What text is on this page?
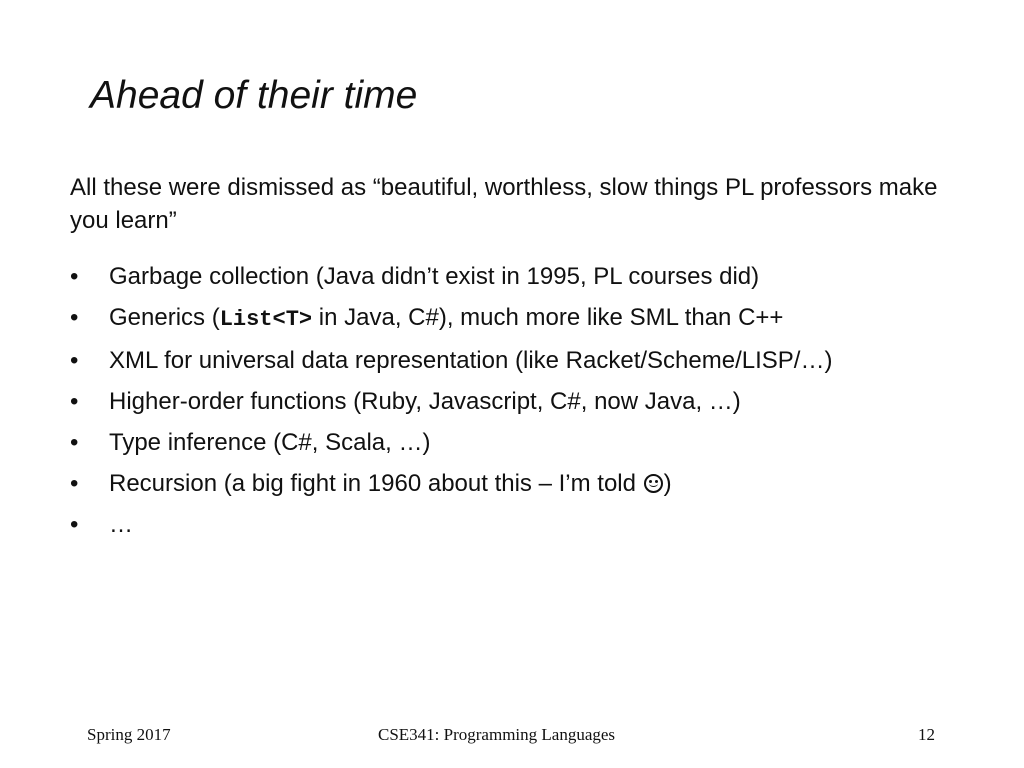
Ahead of their time

All these were dismissed as “beautiful, worthless, slow things PL professors make you learn”

• Garbage collection (Java didn’t exist in 1995, PL courses did)
• Generics (List<T> in Java, C#), much more like SML than C++
• XML for universal data representation (like Racket/Scheme/LISP/…)
• Higher-order functions (Ruby, Javascript, C#, now Java, …)
• Type inference (C#, Scala, …)
• Recursion (a big fight in 1960 about this – I’m told
)
• …
Spring 2017	CSE341: Programming Languages	12
